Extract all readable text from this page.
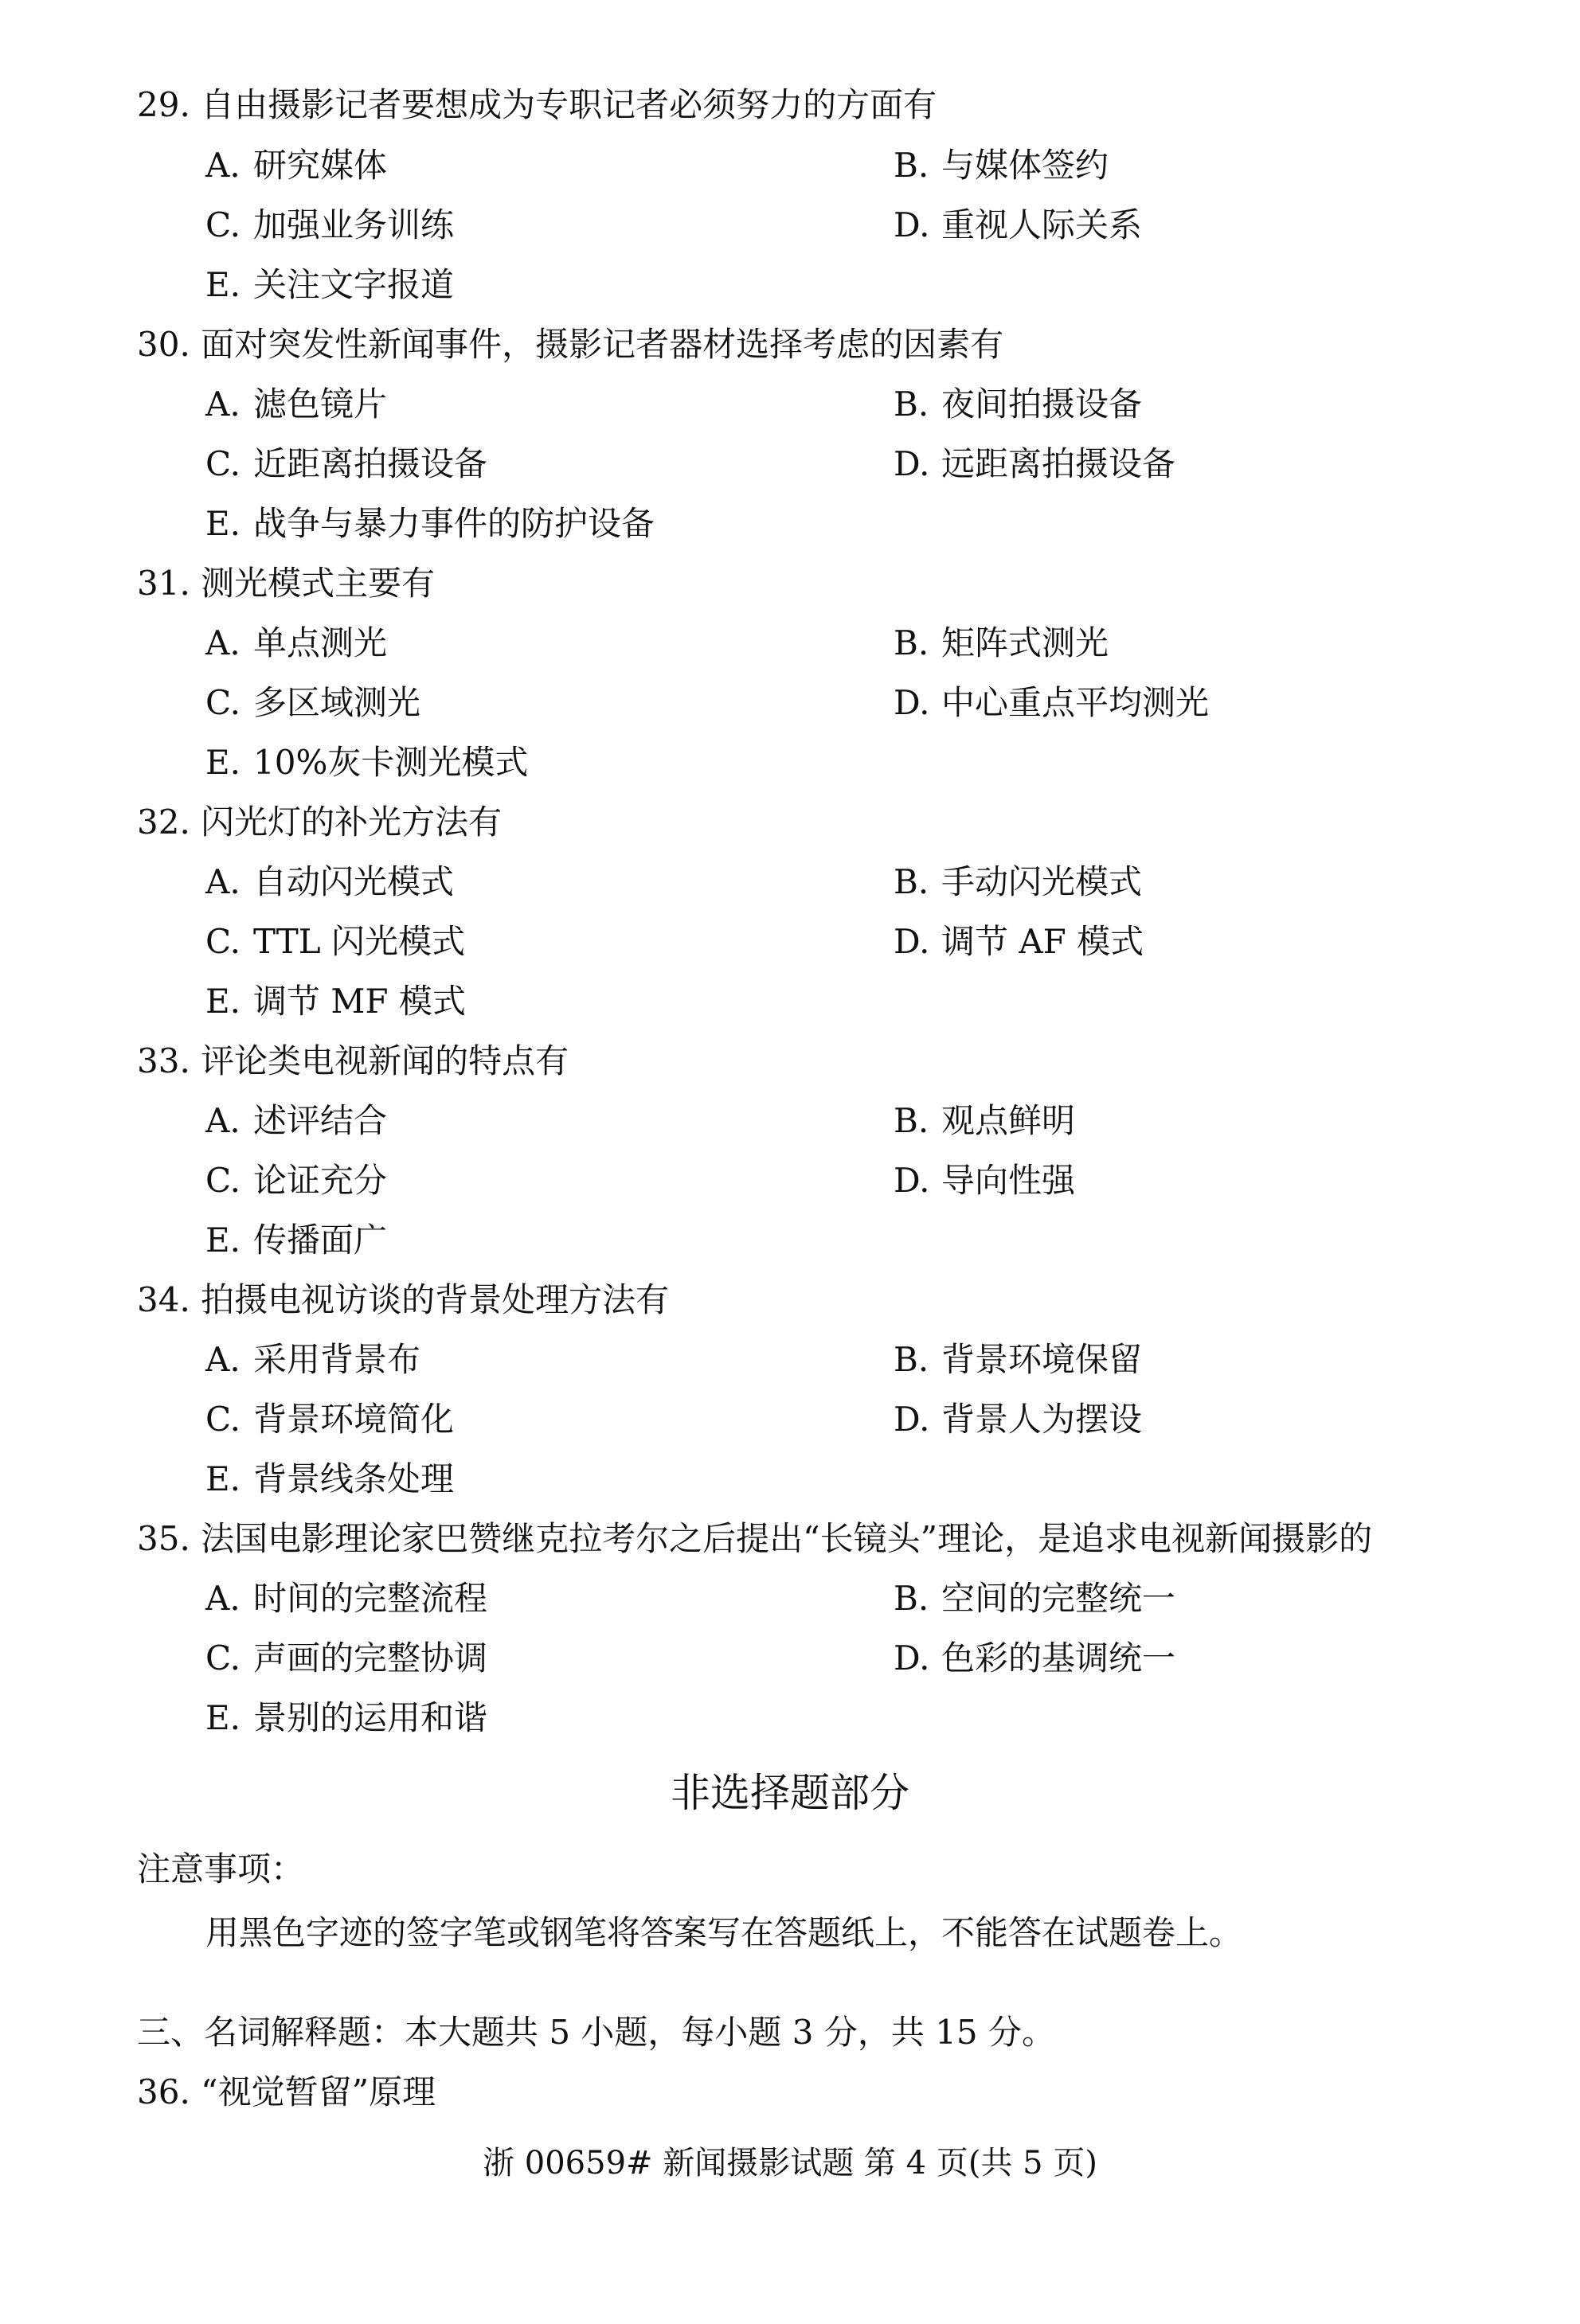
29. 自由摄影记者要想成为专职记者必须努力的方面有
A. 研究媒体	B. 与媒体签约
C. 加强业务训练	D. 重视人际关系
E. 关注文字报道
30. 面对突发性新闻事件，摄影记者器材选择考虑的因素有
A. 滤色镜片	B. 夜间拍摄设备
C. 近距离拍摄设备	D. 远距离拍摄设备
E. 战争与暴力事件的防护设备
31. 测光模式主要有
A. 单点测光	B. 矩阵式测光
C. 多区域测光	D. 中心重点平均测光
E. 10%灰卡测光模式
32. 闪光灯的补光方法有
A. 自动闪光模式	B. 手动闪光模式
C. TTL 闪光模式	D. 调节 AF 模式
E. 调节 MF 模式
33. 评论类电视新闻的特点有
A. 述评结合	B. 观点鲜明
C. 论证充分	D. 导向性强
E. 传播面广
34. 拍摄电视访谈的背景处理方法有
A. 采用背景布	B. 背景环境保留
C. 背景环境简化	D. 背景人为摆设
E. 背景线条处理
35. 法国电影理论家巴赞继克拉考尔之后提出“长镜头”理论，是追求电视新闻摄影的
A. 时间的完整流程	B. 空间的完整统一
C. 声画的完整协调	D. 色彩的基调统一
E. 景别的运用和谐
非选择题部分
注意事项：
用黑色字迹的签字笔或钢笔将答案写在答题纸上，不能答在试题卷上。
三、名词解释题：本大题共 5 小题，每小题 3 分，共 15 分。
36. “视觉暂留”原理
浙 00659# 新闻摄影试题 第 4 页(共 5 页)
